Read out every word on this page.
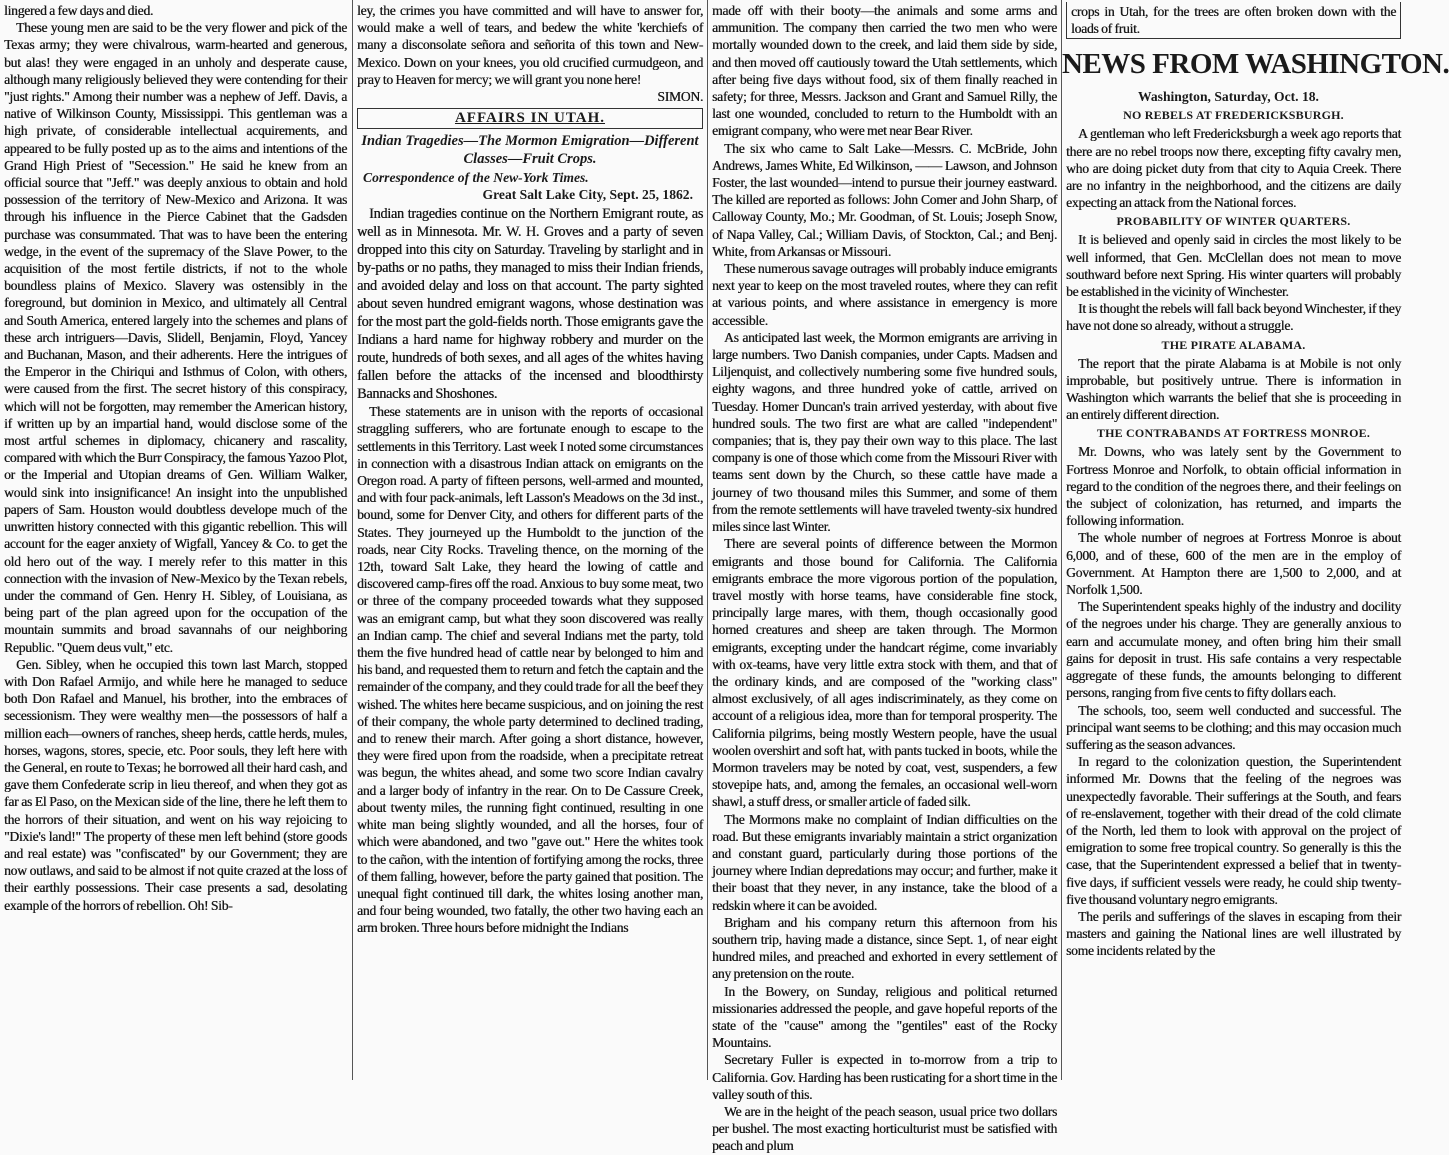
lingered a few days and died.

These young men are said to be the very flower and pick of the Texas army; they were chivalrous, warm-hearted and generous, but alas! they were engaged in an unholy and desperate cause, although many religiously believed they were contending for their "just rights." Among their number was a nephew of Jeff. Davis, a native of Wilkinson County, Mississippi. This gentleman was a high private, of considerable intellectual acquirements, and appeared to be fully posted up as to the aims and intentions of the Grand High Priest of "Secession." He said he knew from an official source that "Jeff." was deeply anxious to obtain and hold possession of the territory of New-Mexico and Arizona. It was through his influence in the Pierce Cabinet that the Gadsden purchase was consummated. That was to have been the entering wedge, in the event of the supremacy of the Slave Power, to the acquisition of the most fertile districts, if not to the whole boundless plains of Mexico. Slavery was ostensibly in the foreground, but dominion in Mexico, and ultimately all Central and South America, entered largely into the schemes and plans of these arch intriguers—Davis, Slidell, Benjamin, Floyd, Yancey and Buchanan, Mason, and their adherents. Here the intrigues of the Emperor in the Chiriqui and Isthmus of Colon, with others, were caused from the first. The secret history of this conspiracy, which will not be forgotten, may remember the American history, if written up by an impartial hand, would disclose some of the most artful schemes in diplomacy, chicanery and rascality, compared with which the Burr Conspiracy, the famous Yazoo Plot, or the Imperial and Utopian dreams of Gen. William Walker, would sink into insignificance! An insight into the unpublished papers of Sam. Houston would doubtless develope much of the unwritten history connected with this gigantic rebellion. This will account for the eager anxiety of Wigfall, Yancey & Co. to get the old hero out of the way. I merely refer to this matter in this connection with the invasion of New-Mexico by the Texan rebels, under the command of Gen. Henry H. Sibley, of Louisiana, as being part of the plan agreed upon for the occupation of the mountain summits and broad savannahs of our neighboring Republic. "Quem deus vult," etc.

Gen. Sibley, when he occupied this town last March, stopped with Don Rafael Armijo, and while here he managed to seduce both Don Rafael and Manuel, his brother, into the embraces of secessionism. They were wealthy men—the possessors of half a million each—owners of ranches, sheep herds, cattle herds, mules, horses, wagons, stores, specie, etc. Poor souls, they left here with the General, en route to Texas; he borrowed all their hard cash, and gave them Confederate scrip in lieu thereof, and when they got as far as El Paso, on the Mexican side of the line, there he left them to the horrors of their situation, and went on his way rejoicing to "Dixie's land!" The property of these men left behind (store goods and real estate) was "confiscated" by our Government; they are now outlaws, and said to be almost if not quite crazed at the loss of their earthly possessions. Their case presents a sad, desolating example of the horrors of rebellion. Oh! Sib-

ley, the crimes you have committed and will have to answer for, would make a well of tears, and bedew the white 'kerchiefs of many a disconsolate señora and señorita of this town and New-Mexico. Down on your knees, you old crucified curmudgeon, and pray to Heaven for mercy; we will grant you none here!

SIMON.

AFFAIRS IN UTAH.
Indian Tragedies—The Mormon Emigration—Different Classes—Fruit Crops.
Correspondence of the New-York Times.
Great Salt Lake City, Sept. 25, 1862.

Indian tragedies continue on the Northern Emigrant route, as well as in Minnesota. Mr. W. H. Groves and a party of seven dropped into this city on Saturday. Traveling by starlight and in by-paths or no paths, they managed to miss their Indian friends, and avoided delay and loss on that account. The party sighted about seven hundred emigrant wagons, whose destination was for the most part the gold-fields north. Those emigrants gave the Indians a hard name for highway robbery and murder on the route, hundreds of both sexes, and all ages of the whites having fallen before the attacks of the incensed and bloodthirsty Bannacks and Shoshones.

These statements are in unison with the reports of occasional straggling sufferers, who are fortunate enough to escape to the settlements in this Territory. Last week I noted some circumstances in connection with a disastrous Indian attack on emigrants on the Oregon road. A party of fifteen persons, well-armed and mounted, and with four pack-animals, left Lasson's Meadows on the 3d inst., bound, some for Denver City, and others for different parts of the States. They journeyed up the Humboldt to the junction of the roads, near City Rocks. Traveling thence, on the morning of the 12th, toward Salt Lake, they heard the lowing of cattle and discovered camp-fires off the road. Anxious to buy some meat, two or three of the company proceeded towards what they supposed was an emigrant camp, but what they soon discovered was really an Indian camp. The chief and several Indians met the party, told them the five hundred head of cattle near by belonged to him and his band, and requested them to return and fetch the captain and the remainder of the company, and they could trade for all the beef they wished. The whites here became suspicious, and on joining the rest of their company, the whole party determined to declined trading, and to renew their march. After going a short distance, however, they were fired upon from the roadside, when a precipitate retreat was begun, the whites ahead, and some two score Indian cavalry and a larger body of infantry in the rear. On to De Cassure Creek, about twenty miles, the running fight continued, resulting in one white man being slightly wounded, and all the horses, four of which were abandoned, and two "gave out." Here the whites took to the cañon, with the intention of fortifying among the rocks, three of them falling, however, before the party gained that position. The unequal fight continued till dark, the whites losing another man, and four being wounded, two fatally, the other two having each an arm broken. Three hours before midnight the Indians

made off with their booty—the animals and some arms and ammunition. The company then carried the two men who were mortally wounded down to the creek, and laid them side by side, and then moved off cautiously toward the Utah settlements, which after being five days without food, six of them finally reached in safety; for three, Messrs. Jackson and Grant and Samuel Rilly, the last one wounded, concluded to return to the Humboldt with an emigrant company, who were met near Bear River.

The six who came to Salt Lake—Messrs. C. McBride, John Andrews, James White, Ed Wilkinson, —— Lawson, and Johnson Foster, the last wounded—intend to pursue their journey eastward. The killed are reported as follows: John Comer and John Sharp, of Calloway County, Mo.; Mr. Goodman, of St. Louis; Joseph Snow, of Napa Valley, Cal.; William Davis, of Stockton, Cal.; and Benj. White, from Arkansas or Missouri.

These numerous savage outrages will probably induce emigrants next year to keep on the most traveled routes, where they can refit at various points, and where assistance in emergency is more accessible.

As anticipated last week, the Mormon emigrants are arriving in large numbers. Two Danish companies, under Capts. Madsen and Liljenquist, and collectively numbering some five hundred souls, eighty wagons, and three hundred yoke of cattle, arrived on Tuesday. Homer Duncan's train arrived yesterday, with about five hundred souls. The two first are what are called "independent" companies; that is, they pay their own way to this place. The last company is one of those which come from the Missouri River with teams sent down by the Church, so these cattle have made a journey of two thousand miles this Summer, and some of them from the remote settlements will have traveled twenty-six hundred miles since last Winter.

There are several points of difference between the Mormon emigrants and those bound for California. The California emigrants embrace the more vigorous portion of the population, travel mostly with horse teams, have considerable fine stock, principally large mares, with them, though occasionally good horned creatures and sheep are taken through. The Mormon emigrants, excepting under the handcart régime, come invariably with ox-teams, have very little extra stock with them, and that of the ordinary kinds, and are composed of the "working class" almost exclusively, of all ages indiscriminately, as they come on account of a religious idea, more than for temporal prosperity. The California pilgrims, being mostly Western people, have the usual woolen overshirt and soft hat, with pants tucked in boots, while the Mormon travelers may be noted by coat, vest, suspenders, a few stovepipe hats, and, among the females, an occasional well-worn shawl, a stuff dress, or smaller article of faded silk.

The Mormons make no complaint of Indian difficulties on the road. But these emigrants invariably maintain a strict organization and constant guard, particularly during those portions of the journey where Indian depredations may occur; and further, make it their boast that they never, in any instance, take the blood of a redskin where it can be avoided.

Brigham and his company return this afternoon from his southern trip, having made a distance, since Sept. 1, of near eight hundred miles, and preached and exhorted in every settlement of any pretension on the route.

In the Bowery, on Sunday, religious and political returned missionaries addressed the people, and gave hopeful reports of the state of the "cause" among the "gentiles" east of the Rocky Mountains.

Secretary Fuller is expected in to-morrow from a trip to California. Gov. Harding has been rusticating for a short time in the valley south of this.

We are in the height of the peach season, usual price two dollars per bushel. The most exacting horticulturist must be satisfied with peach and plum

crops in Utah, for the trees are often broken down with the loads of fruit.

NEWS FROM WASHINGTON.
Washington, Saturday, Oct. 18.
NO REBELS AT FREDERICKSBURGH.

A gentleman who left Fredericksburgh a week ago reports that there are no rebel troops now there, excepting fifty cavalry men, who are doing picket duty from that city to Aquia Creek. There are no infantry in the neighborhood, and the citizens are daily expecting an attack from the National forces.

PROBABILITY OF WINTER QUARTERS.

It is believed and openly said in circles the most likely to be well informed, that Gen. McClellan does not mean to move southward before next Spring. His winter quarters will probably be established in the vicinity of Winchester.

It is thought the rebels will fall back beyond Winchester, if they have not done so already, without a struggle.

THE PIRATE ALABAMA.

The report that the pirate Alabama is at Mobile is not only improbable, but positively untrue. There is information in Washington which warrants the belief that she is proceeding in an entirely different direction.

THE CONTRABANDS AT FORTRESS MONROE.

Mr. Downs, who was lately sent by the Government to Fortress Monroe and Norfolk, to obtain official information in regard to the condition of the negroes there, and their feelings on the subject of colonization, has returned, and imparts the following information.

The whole number of negroes at Fortress Monroe is about 6,000, and of these, 600 of the men are in the employ of Government. At Hampton there are 1,500 to 2,000, and at Norfolk 1,500.

The Superintendent speaks highly of the industry and docility of the negroes under his charge. They are generally anxious to earn and accumulate money, and often bring him their small gains for deposit in trust. His safe contains a very respectable aggregate of these funds, the amounts belonging to different persons, ranging from five cents to fifty dollars each.

The schools, too, seem well conducted and successful. The principal want seems to be clothing; and this may occasion much suffering as the season advances.

In regard to the colonization question, the Superintendent informed Mr. Downs that the feeling of the negroes was unexpectedly favorable. Their sufferings at the South, and fears of re-enslavement, together with their dread of the cold climate of the North, led them to look with approval on the project of emigration to some free tropical country. So generally is this the case, that the Superintendent expressed a belief that in twenty-five days, if sufficient vessels were ready, he could ship twenty-five thousand voluntary negro emigrants.

The perils and sufferings of the slaves in escaping from their masters and gaining the National lines are well illustrated by some incidents related by the
